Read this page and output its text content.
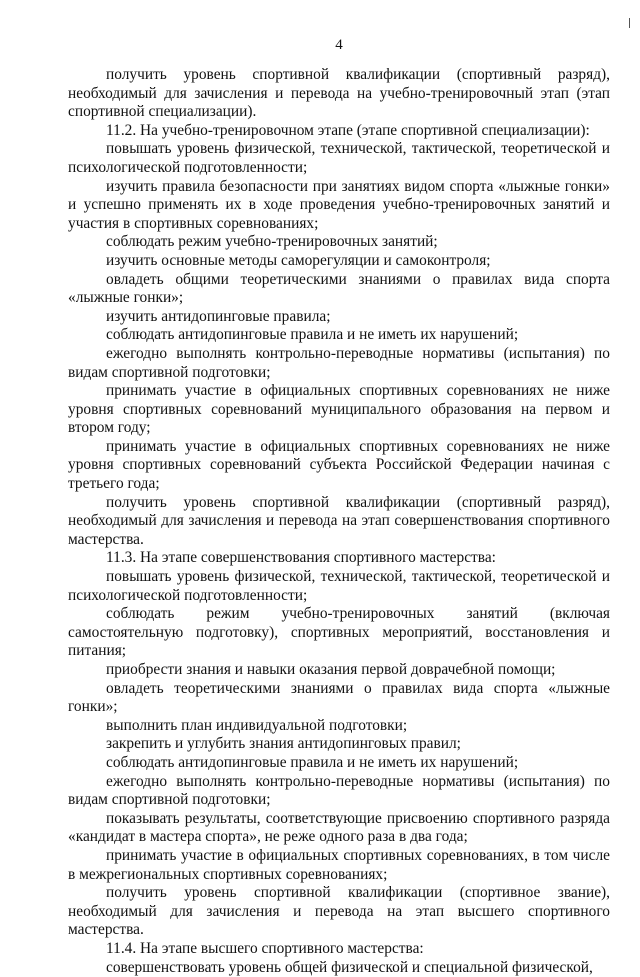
4

получить уровень спортивной квалификации (спортивный разряд), необходимый для зачисления и перевода на учебно-тренировочный этап (этап спортивной специализации).

11.2. На учебно-тренировочном этапе (этапе спортивной специализации):

повышать уровень физической, технической, тактической, теоретической и психологической подготовленности;

изучить правила безопасности при занятиях видом спорта «лыжные гонки» и успешно применять их в ходе проведения учебно-тренировочных занятий и участия в спортивных соревнованиях;

соблюдать режим учебно-тренировочных занятий;

изучить основные методы саморегуляции и самоконтроля;

овладеть общими теоретическими знаниями о правилах вида спорта «лыжные гонки»;

изучить антидопинговые правила;

соблюдать антидопинговые правила и не иметь их нарушений;

ежегодно выполнять контрольно-переводные нормативы (испытания) по видам спортивной подготовки;

принимать участие в официальных спортивных соревнованиях не ниже уровня спортивных соревнований муниципального образования на первом и втором году;

принимать участие в официальных спортивных соревнованиях не ниже уровня спортивных соревнований субъекта Российской Федерации начиная с третьего года;

получить уровень спортивной квалификации (спортивный разряд), необходимый для зачисления и перевода на этап совершенствования спортивного мастерства.

11.3. На этапе совершенствования спортивного мастерства:

повышать уровень физической, технической, тактической, теоретической и психологической подготовленности;

соблюдать режим учебно-тренировочных занятий (включая самостоятельную подготовку), спортивных мероприятий, восстановления и питания;

приобрести знания и навыки оказания первой доврачебной помощи;

овладеть теоретическими знаниями о правилах вида спорта «лыжные гонки»;

выполнить план индивидуальной подготовки;

закрепить и углубить знания антидопинговых правил;

соблюдать антидопинговые правила и не иметь их нарушений;

ежегодно выполнять контрольно-переводные нормативы (испытания) по видам спортивной подготовки;

показывать результаты, соответствующие присвоению спортивного разряда «кандидат в мастера спорта», не реже одного раза в два года;

принимать участие в официальных спортивных соревнованиях, в том числе в межрегиональных спортивных соревнованиях;

получить уровень спортивной квалификации (спортивное звание), необходимый для зачисления и перевода на этап высшего спортивного мастерства.

11.4. На этапе высшего спортивного мастерства:

совершенствовать уровень общей физической и специальной физической,
